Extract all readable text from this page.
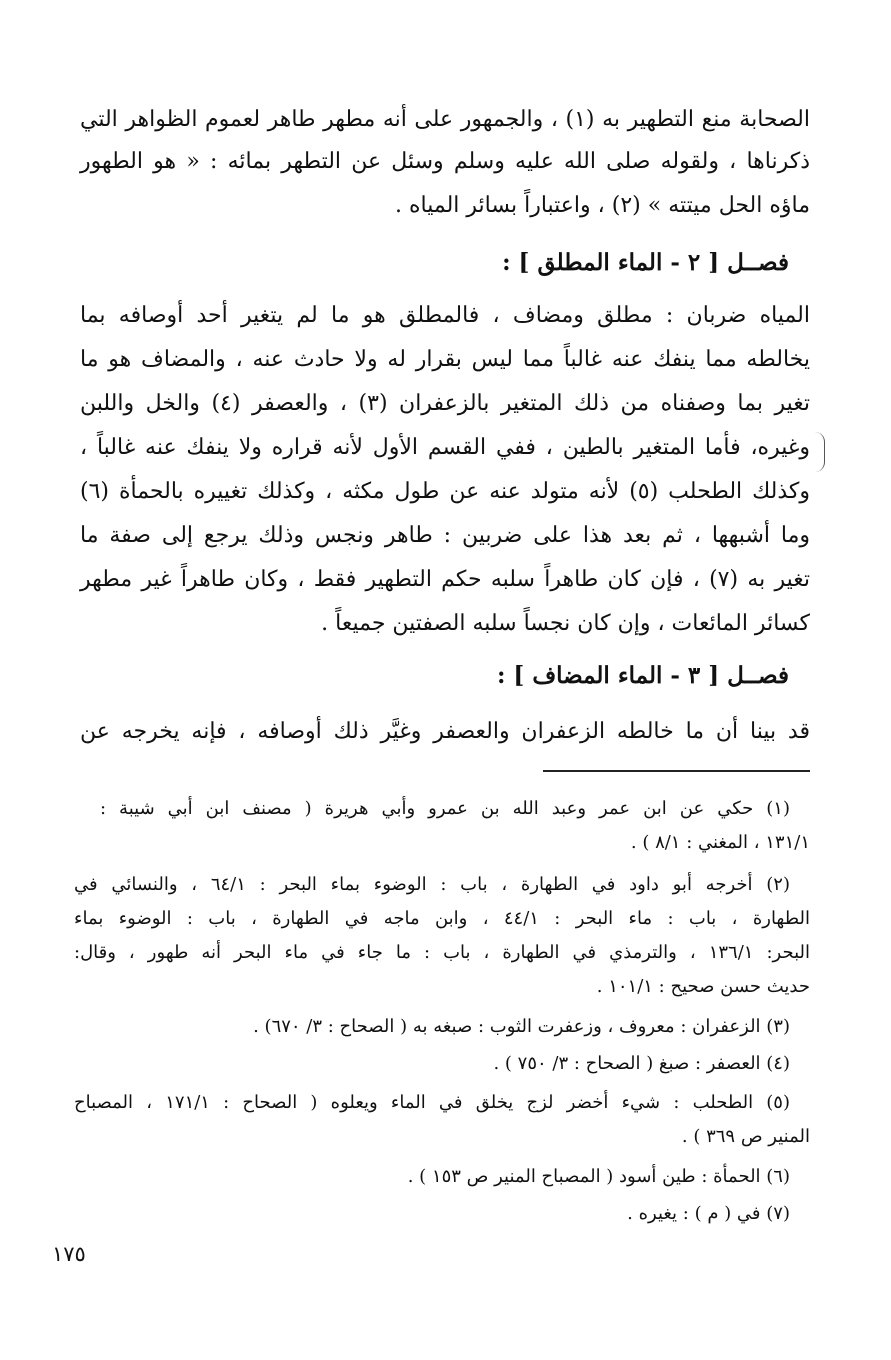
الصحابة منع التطهير به (١) ، والجمهور على أنه مطهر طاهر لعموم الظواهر التي
ذكرناها ، ولقوله صلى الله عليه وسلم وسئل عن التطهر بمائه : « هو الطهور
ماؤه الحل ميتته » (٢) ، واعتباراً بسائر المياه .
فصــل [ ٢ - الماء المطلق ] :
المياه ضربان : مطلق ومضاف ، فالمطلق هو ما لم يتغير أحد أوصافه بما
يخالطه مما ينفك عنه غالباً مما ليس بقرار له ولا حادث عنه ، والمضاف هو ما
تغير بما وصفناه من ذلك المتغير بالزعفران (٣) ، والعصفر (٤) والخل واللبن
وغيره، فأما المتغير بالطين ، ففي القسم الأول لأنه قراره ولا ينفك عنه غالباً ،
وكذلك الطحلب (٥) لأنه متولد عنه عن طول مكثه ، وكذلك تغييره بالحمأة (٦)
وما أشبهها ، ثم بعد هذا على ضربين : طاهر ونجس وذلك يرجع إلى صفة ما
تغير به (٧) ، فإن كان طاهراً سلبه حكم التطهير فقط ، وكان طاهراً غير مطهر
كسائر المائعات ، وإن كان نجساً سلبه الصفتين جميعاً .
فصــل [ ٣ - الماء المضاف ] :
قد بينا أن ما خالطه الزعفران والعصفر وغيَّر ذلك أوصافه ، فإنه يخرجه عن
(١) حكي عن ابن عمر وعبد الله بن عمرو وأبي هريرة ( مصنف ابن أبي شيبة :
١٣١/١ ، المغني : ٨/١ ) .
(٢) أخرجه أبو داود في الطهارة ، باب : الوضوء بماء البحر : ٦٤/١ ، والنسائي في
الطهارة ، باب : ماء البحر : ٤٤/١ ، وابن ماجه في الطهارة ، باب : الوضوء بماء
البحر: ١٣٦/١ ، والترمذي في الطهارة ، باب : ما جاء في ماء البحر أنه طهور ، وقال:
حديث حسن صحيح : ١٠١/١ .
(٣) الزعفران : معروف ، وزعفرت الثوب : صبغه به ( الصحاح : ٣/ ٦٧٠) .
(٤) العصفر : صبغ ( الصحاح : ٣/ ٧٥٠ ) .
(٥) الطحلب : شيء أخضر لزج يخلق في الماء ويعلوه ( الصحاح : ١٧١/١ ، المصباح
المنير ص ٣٦٩ ) .
(٦) الحمأة : طين أسود ( المصباح المنير ص ١٥٣ ) .
(٧) في ( م ) : يغيره .
١٧٥
